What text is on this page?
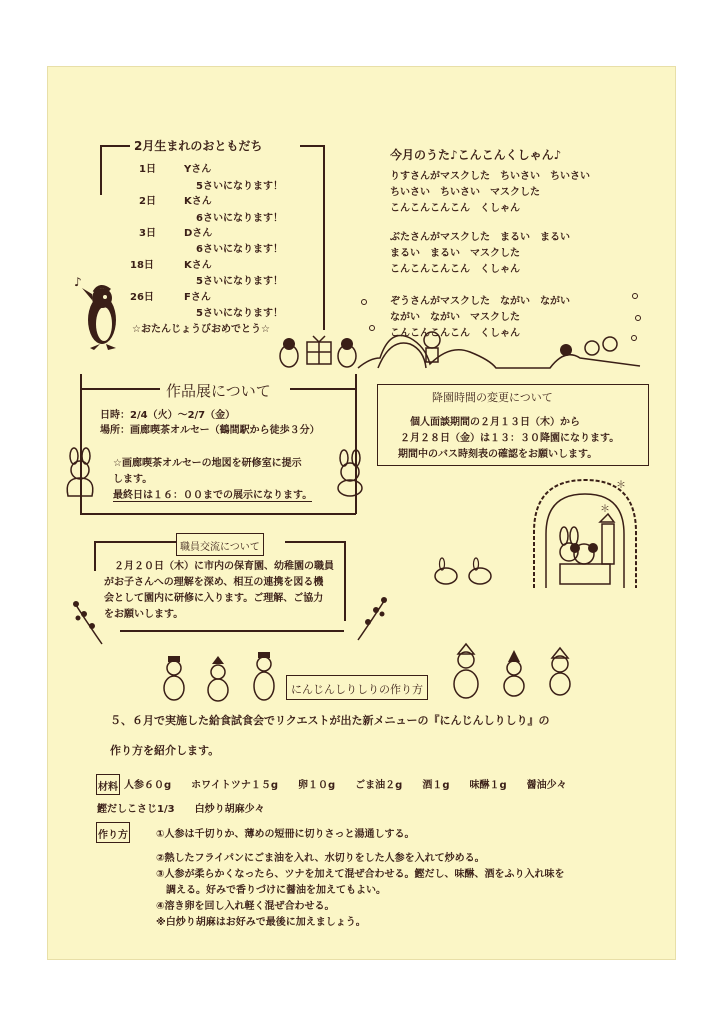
2月生まれのおともだち
1日	Yさん
5さいになります！
2日	Kさん
6さいになります！
3日	Dさん
6さいになります！
18日	Kさん
5さいになります！
26日	Fさん
5さいになります！
☆おたんじょうびおめでとう☆
♪
今月のうた♪こんこんくしゃん♪
りすさんがマスクした　ちいさい　ちいさい
ちいさい　ちいさい　マスクした
こんこんこんこん　くしゃん
ぶたさんがマスクした　まるい　まるい
まるい　まるい　マスクした
こんこんこんこん　くしゃん
ぞうさんがマスクした　ながい　ながい
ながい　ながい　マスクした
こんこんこんこん　くしゃん
作品展について
日時：2/4（火）～2/7（金）
場所：画廊喫茶オルセー（鶴間駅から徒歩３分）
☆画廊喫茶オルセーの地図を研修室に提示
します。
最終日は１６：００までの展示になります。
降園時間の変更について
個人面談期間の２月１３日（木）から
２月２８日（金）は１３：３０降園になります。
期間中のバス時刻表の確認をお願いします。
＊
＊
職員交流について
２月２０日（木）に市内の保育園、幼稚園の職員
がお子さんへの理解を深め、相互の連携を図る機
会として園内に研修に入ります。ご理解、ご協力
をお願いします。
にんじんしりしりの作り方
５、６月で実施した給食試食会でリクエストが出た新メニューの『にんじんしりしり』の
作り方を紹介します。
材料 人参６０g　　ホワイトツナ１５g　　卵１０g　　ごま油２g　　酒１g　　味醂１g　　醤油少々
鰹だしこさじ1/3　　白炒り胡麻少々
作り方	①人参は千切りか、薄めの短冊に切りさっと湯通しする。
②熱したフライパンにごま油を入れ、水切りをした人参を入れて炒める。
③人参が柔らかくなったら、ツナを加えて混ぜ合わせる。鰹だし、味醂、酒をふり入れ味を
　調える。好みで香りづけに醤油を加えてもよい。
④溶き卵を回し入れ軽く混ぜ合わせる。
※白炒り胡麻はお好みで最後に加えましょう。
